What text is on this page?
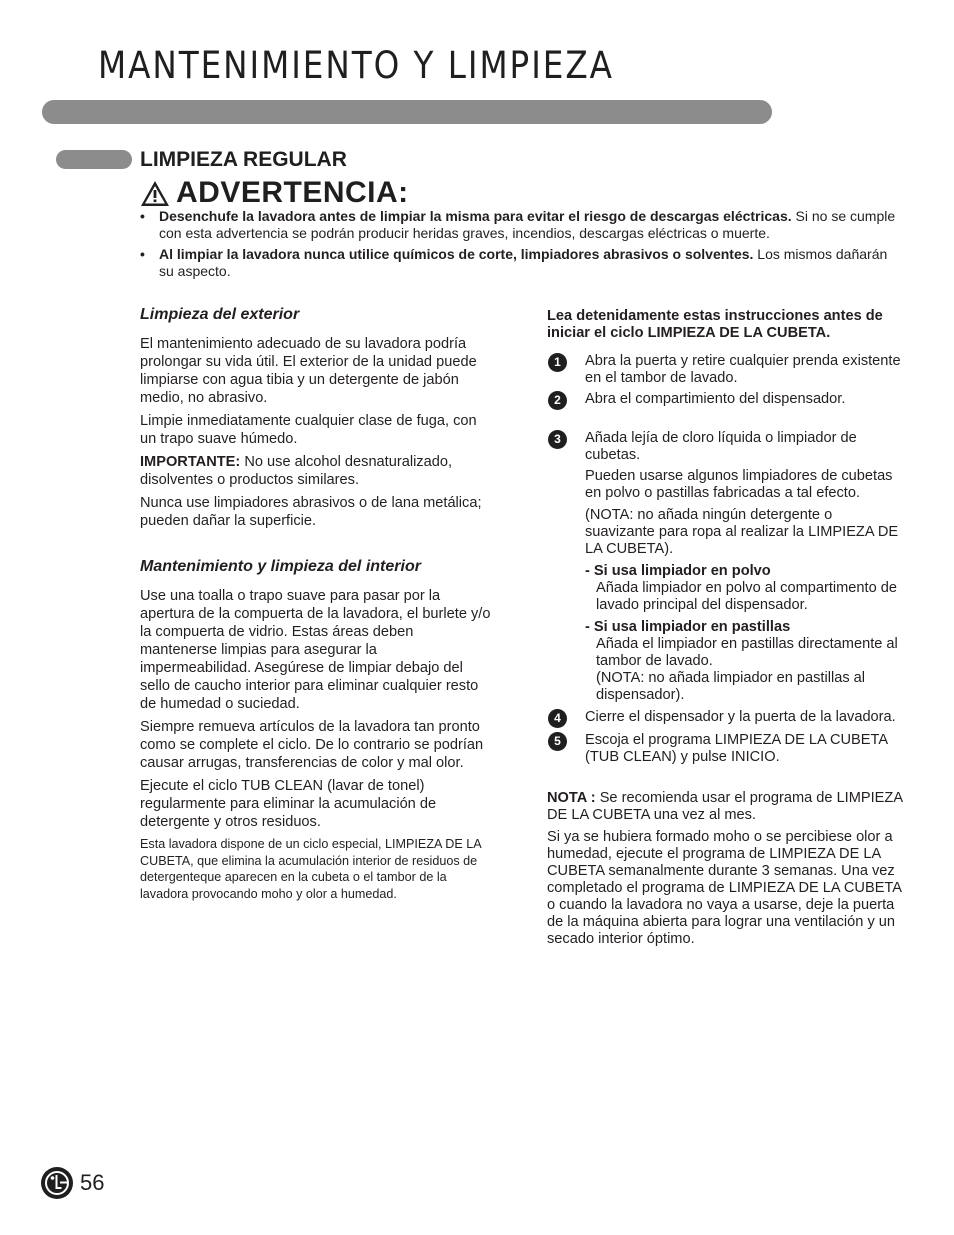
MANTENIMIENTO Y LIMPIEZA
LIMPIEZA REGULAR
ADVERTENCIA:
•	Desenchufe la lavadora antes de limpiar la misma para evitar el riesgo de descargas eléctricas. Si no se cumple con esta advertencia se podrán producir heridas graves, incendios, descargas eléctricas o muerte.
•	Al limpiar la lavadora nunca utilice químicos de corte, limpiadores abrasivos o solventes. Los mismos dañarán su aspecto.
Limpieza del exterior

El mantenimiento adecuado de su lavadora podría prolongar su vida útil. El exterior de la unidad puede limpiarse con agua tibia y un detergente de jabón medio, no abrasivo.

Limpie inmediatamente cualquier clase de fuga, con un trapo suave húmedo.

IMPORTANTE: No use alcohol desnaturalizado, disolventes o productos similares.

Nunca use limpiadores abrasivos o de lana metálica; pueden dañar la superficie.

Mantenimiento y limpieza del interior

Use una toalla o trapo suave para pasar por la apertura de la compuerta de la lavadora, el burlete y/o la compuerta de vidrio. Estas áreas deben mantenerse limpias para asegurar la impermeabilidad. Asegúrese de limpiar debajo del sello de caucho interior para eliminar cualquier resto de humedad o suciedad.

Siempre remueva artículos de la lavadora tan pronto como se complete el ciclo. De lo contrario se podrían causar arrugas, transferencias de color y mal olor.

Ejecute el ciclo TUB CLEAN (lavar de tonel) regularmente para eliminar la acumulación de detergente y otros residuos.

Esta lavadora dispone de un ciclo especial, LIMPIEZA DE LA CUBETA, que elimina la acumulación interior de residuos de detergenteque aparecen en la cubeta o el tambor de la lavadora provocando moho y olor a humedad.

Lea detenidamente estas instrucciones antes de iniciar el ciclo LIMPIEZA DE LA CUBETA.

1	Abra la puerta y retire cualquier prenda existente en el tambor de lavado.
2	Abra el compartimiento del dispensador.
3	Añada lejía de cloro líquida o limpiador de cubetas.

Pueden usarse algunos limpiadores de cubetas en polvo o pastillas fabricadas a tal efecto.

(NOTA: no añada ningún detergente o suavizante para ropa al realizar la LIMPIEZA DE LA CUBETA).

- Si usa limpiador en polvo

Añada limpiador en polvo al compartimento de lavado principal del dispensador.

- Si usa limpiador en pastillas
Añada el limpiador en pastillas directamente al tambor de lavado.

(NOTA: no añada limpiador en pastillas al dispensador).

4	Cierre el dispensador y la puerta de la lavadora.
5	Escoja el programa LIMPIEZA DE LA CUBETA (TUB CLEAN) y pulse INICIO.

NOTA : Se recomienda usar el programa de LIMPIEZA DE LA CUBETA una vez al mes.

Si ya se hubiera formado moho o se percibiese olor a humedad, ejecute el programa de LIMPIEZA DE LA CUBETA semanalmente durante 3 semanas. Una vez completado el programa de LIMPIEZA DE LA CUBETA o cuando la lavadora no vaya a usarse, deje la puerta de la máquina abierta para lograr una ventilación y un secado interior óptimo.

56
